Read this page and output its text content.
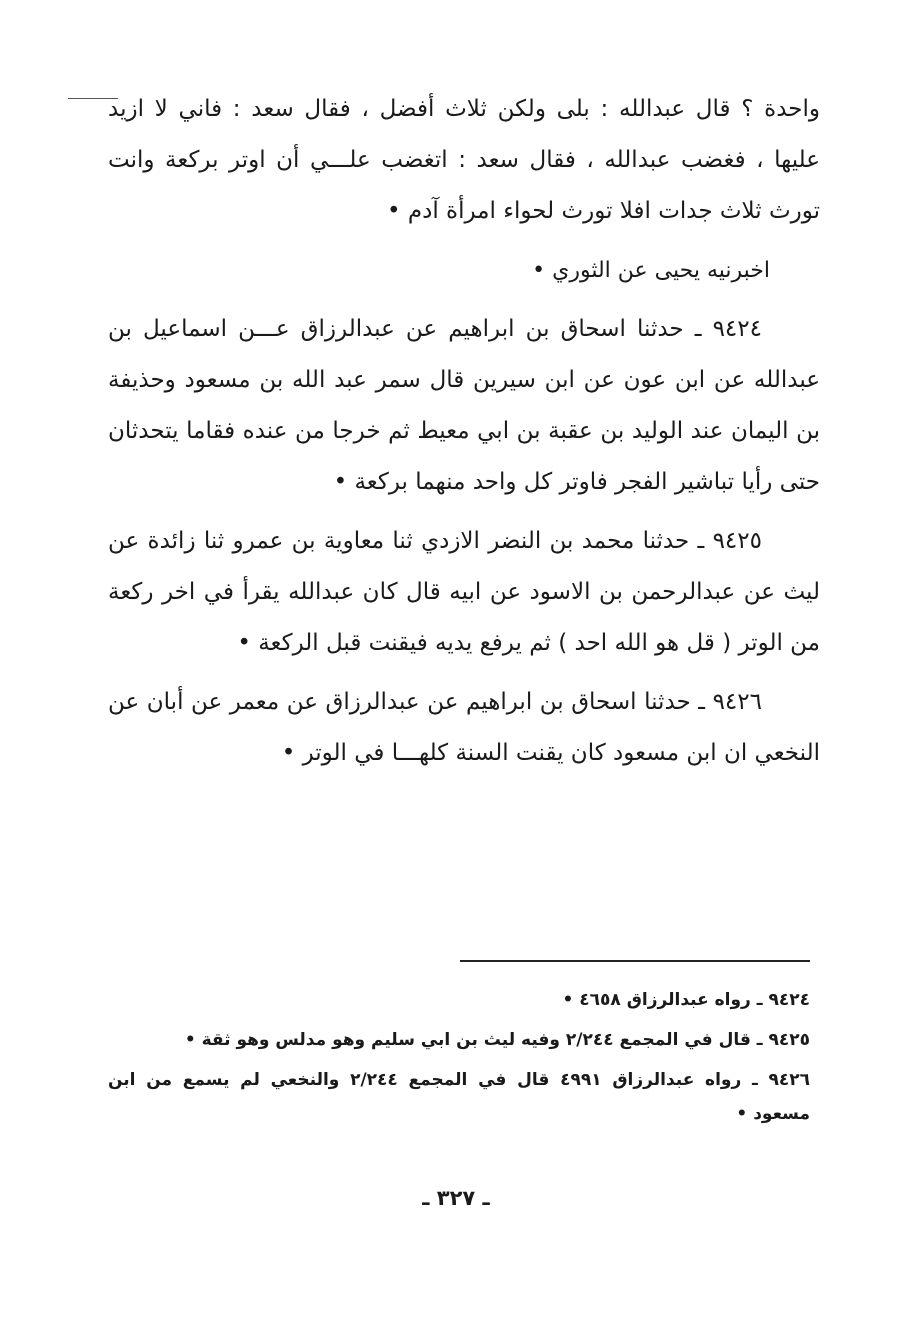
واحدة ؟ قال عبدالله : بلى ولكن ثلاث أفضل ، فقال سعد : فاني لا ازيد عليها ، فغضب عبدالله ، فقال سعد : اتغضب علـــي أن اوتر بركعة وانت تورث ثلاث جدات افلا تورث لحواء امرأة آدم •

اخبرنيه يحيى عن الثوري •

٩٤٢٤ ـ حدثنا اسحاق بن ابراهيم عن عبدالرزاق عـــن اسماعيل بن عبدالله عن ابن عون عن ابن سيرين قال سمر عبد الله بن مسعود وحذيفة بن اليمان عند الوليد بن عقبة بن ابي معيط ثم خرجا من عنده فقاما يتحدثان حتى رأيا تباشير الفجر فاوتر كل واحد منهما بركعة •

٩٤٢٥ ـ حدثنا محمد بن النضر الازدي ثنا معاوية بن عمرو ثنا زائدة عن ليث عن عبدالرحمن بن الاسود عن ابيه قال كان عبدالله يقرأ في اخر ركعة من الوتر ( قل هو الله احد ) ثم يرفع يديه فيقنت قبل الركعة •

٩٤٢٦ ـ حدثنا اسحاق بن ابراهيم عن عبدالرزاق عن معمر عن أبان عن النخعي ان ابن مسعود كان يقنت السنة كلهـــا في الوتر •

٩٤٢٤ ـ رواه عبدالرزاق ٤٦٥٨ •

٩٤٢٥ ـ قال في المجمع ٢/٢٤٤ وفيه ليث بن ابي سليم وهو مدلس وهو ثقة •

٩٤٢٦ ـ رواه عبدالرزاق ٤٩٩١ قال في المجمع ٢/٢٤٤ والنخعي لم يسمع من ابن مسعود •

ـ ٣٢٧ ـ
